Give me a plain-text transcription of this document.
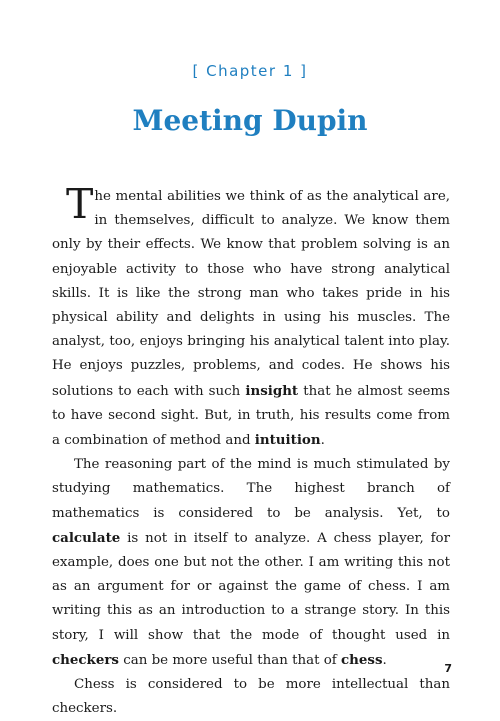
[ Chapter 1 ]
Meeting Dupin

The mental abilities we think of as the analytical are, in themselves, difficult to analyze. We know them only by their effects. We know that problem solving is an enjoyable activity to those who have strong analytical skills. It is like the strong man who takes pride in his physical ability and delights in using his muscles. The analyst, too, enjoys bringing his analytical talent into play. He enjoys puzzles, problems, and codes. He shows his solutions to each with such insight that he almost seems to have second sight. But, in truth, his results come from a combination of method and intuition.

The reasoning part of the mind is much stimulated by studying mathematics. The highest branch of mathematics is considered to be analysis. Yet, to calculate is not in itself to analyze. A chess player, for example, does one but not the other. I am writing this not as an argument for or against the game of chess. I am writing this as an introduction to a strange story. In this story, I will show that the mode of thought used in checkers can be more useful than that of chess.

Chess is considered to be more intellectual than checkers.

7
